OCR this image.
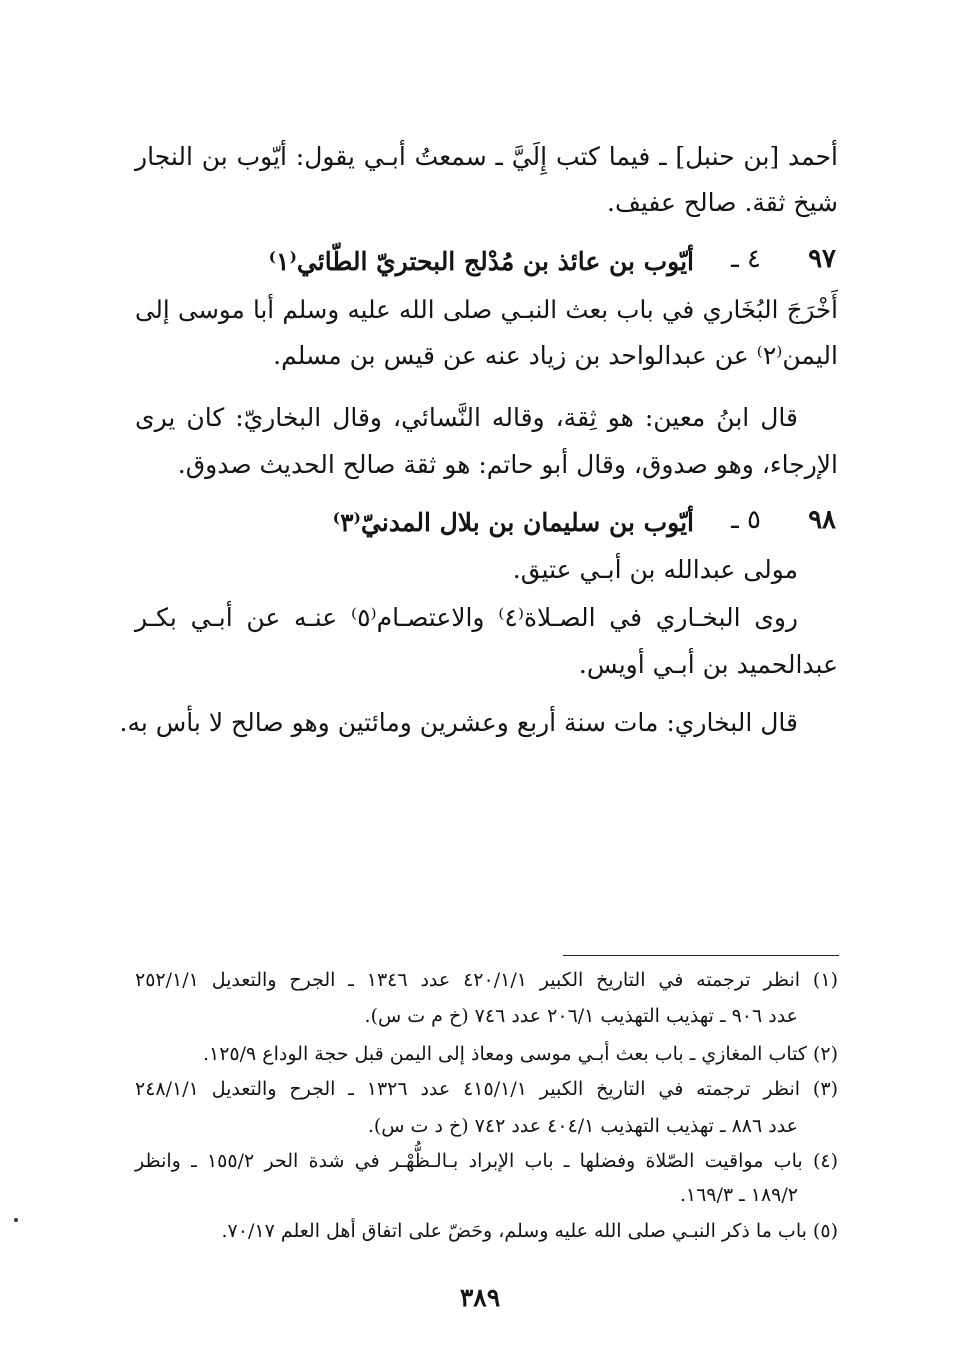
أحمد [بن حنبل] ـ فيما كتب إِلَيَّ ـ سمعتُ أبـي يقول: أيّوب بن النجار
شيخ ثقة. صالح عفيف.
٩٧
٤ ـ
أيّوب بن عائذ بن مُدْلج البحتريّ الطّائي⁽١⁾
أَخْرَجَ البُخَاري في باب بعث النبـي صلى الله عليه وسلم أبا موسى إلى
اليمن⁽٢⁾ عن عبدالواحد بن زياد عنه عن قيس بن مسلم.
قال ابنُ معين: هو ثِقة، وقاله النَّسائي، وقال البخاريّ: كان يرى
الإرجاء، وهو صدوق، وقال أبو حاتم: هو ثقة صالح الحديث صدوق.
٩٨
٥ ـ
أيّوب بن سليمان بن بلال المدنيّ⁽٣⁾
مولى عبدالله بن أبـي عتيق.
روى البخـاري في الصـلاة⁽٤⁾ والاعتصـام⁽٥⁾ عنـه عن أبـي بكـر
عبدالحميد بن أبـي أويس.
قال البخاري: مات سنة أربع وعشرين ومائتين وهو صالح لا بأس به.
(١) انظر ترجمته في التاريخ الكبير ٤٢٠/١/١ عدد ١٣٤٦ ـ الجرح والتعديل ٢٥٢/١/١
عدد ٩٠٦ ـ تهذيب التهذيب ٢٠٦/١ عدد ٧٤٦ (خ م ت س).
(٢) كتاب المغازي ـ باب بعث أبـي موسى ومعاذ إلى اليمن قبل حجة الوداع ١٢٥/٩.
(٣) انظر ترجمته في التاريخ الكبير ٤١٥/١/١ عدد ١٣٢٦ ـ الجرح والتعديل ٢٤٨/١/١
عدد ٨٨٦ ـ تهذيب التهذيب ٤٠٤/١ عدد ٧٤٢ (خ د ت س).
(٤) باب مواقيت الصّلاة وفضلها ـ باب الإبراد بـالـظُّهْـر في شدة الحر ١٥٥/٢ ـ وانظر
١٨٩/٢ ـ ١٦٩/٣.
(٥) باب ما ذكر النبـي صلى الله عليه وسلم، وحَضّ على اتفاق أهل العلم ٧٠/١٧.
٣٨٩
